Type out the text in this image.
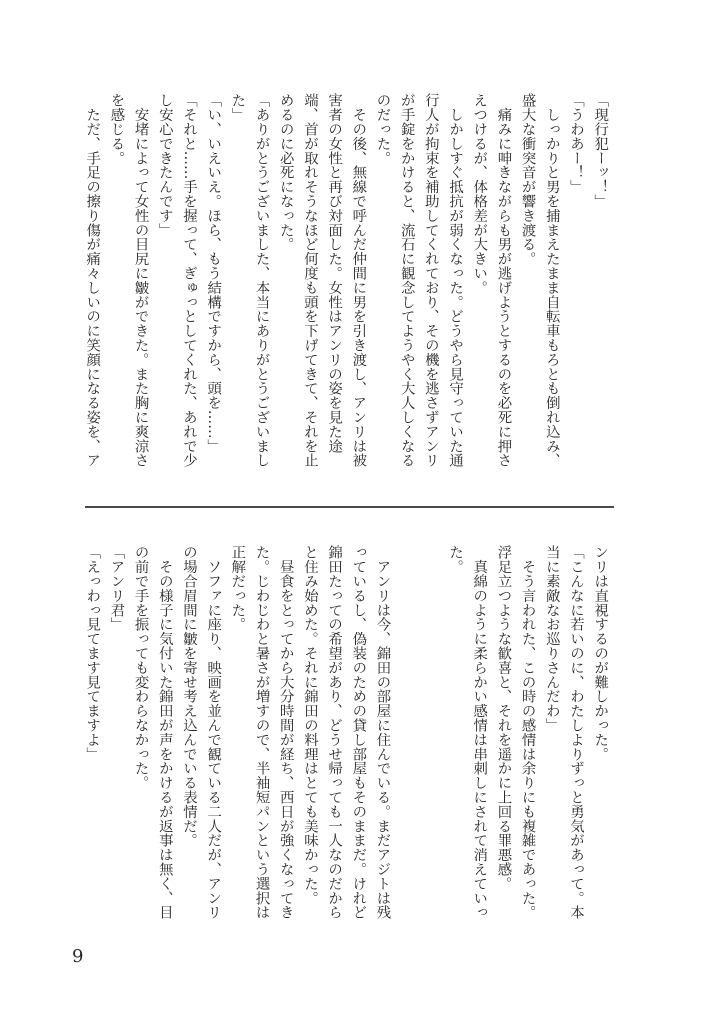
「現行犯ーッ！」
「うわあー！」
　しっかりと男を捕まえたまま自転車もろとも倒れ込み、
盛大な衝突音が響き渡る。
　痛みに呻きながらも男が逃げようとするのを必死に押さ
えつけるが、体格差が大きい。
　しかしすぐ抵抗が弱くなった。どうやら見守っていた通
行人が拘束を補助してくれており、その機を逃さずアンリ
が手錠をかけると、流石に観念してようやく大人しくなる
のだった。
　その後、無線で呼んだ仲間に男を引き渡し、アンリは被
害者の女性と再び対面した。女性はアンリの姿を見た途
端、首が取れそうなほど何度も頭を下げてきて、それを止
めるのに必死になった。
「ありがとうございました、本当にありがとうございまし
た」
「い、いえいえ。ほら、もう結構ですから、頭を……」
「それと……手を握って、ぎゅっとしてくれた、あれで少
し安心できたんです」
　安堵によって女性の目尻に皺ができた。また胸に爽涼さ
を感じる。
　ただ、手足の擦り傷が痛々しいのに笑顔になる姿を、ア
ンリは直視するのが難しかった。
「こんなに若いのに、わたしよりずっと勇気があって。本
当に素敵なお巡りさんだわ」
　そう言われた、この時の感情は余りにも複雑であった。
浮足立つような歓喜と、それを遥かに上回る罪悪感。
　真綿のように柔らかい感情は串刺しにされて消えていっ
た。
　アンリは今、錦田の部屋に住んでいる。まだアジトは残
っているし、偽装のための貸し部屋もそのままだ。けれど
錦田たっての希望があり、どうせ帰っても一人なのだから
と住み始めた。それに錦田の料理はとても美味かった。
　昼食をとってから大分時間が経ち、西日が強くなってき
た。じわじわと暑さが増すので、半袖短パンという選択は
正解だった。
　ソファに座り、映画を並んで観ている二人だが、アンリ
の場合眉間に皺を寄せ考え込んでいる表情だ。
　その様子に気付いた錦田が声をかけるが返事は無く、目
の前で手を振っても変わらなかった。
「アンリ君」
「えっわっ見てます見てますよ」
9
